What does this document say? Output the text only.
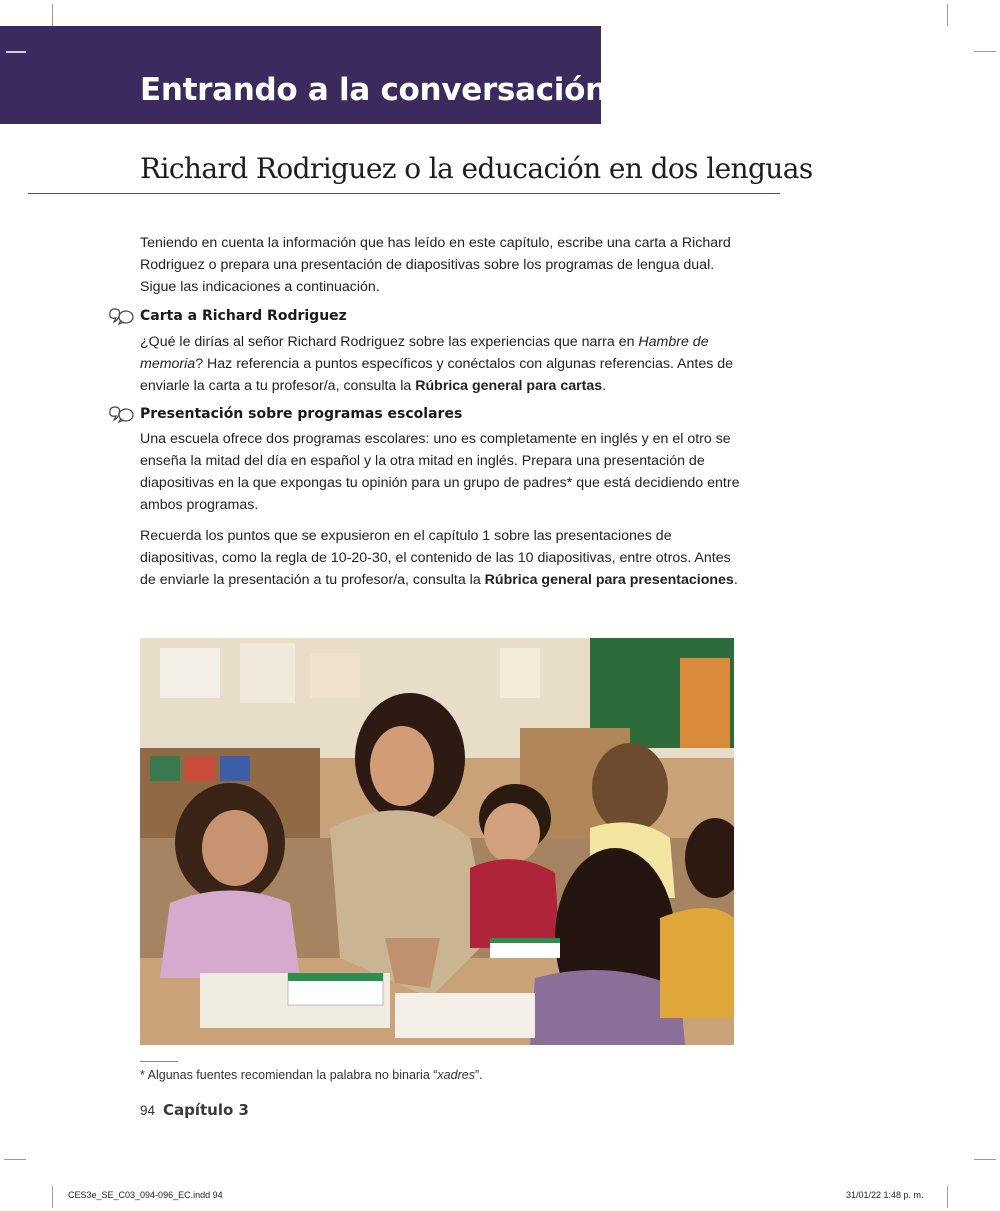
Entrando a la conversación 1
Richard Rodriguez o la educación en dos lenguas

Teniendo en cuenta la información que has leído en este capítulo, escribe una carta a Richard Rodriguez o prepara una presentación de diapositivas sobre los programas de lengua dual. Sigue las indicaciones a continuación.

Carta a Richard Rodriguez

¿Qué le dirías al señor Richard Rodriguez sobre las experiencias que narra en Hambre de memoria? Haz referencia a puntos específicos y conéctalos con algunas referencias. Antes de enviarle la carta a tu profesor/a, consulta la Rúbrica general para cartas.

Presentación sobre programas escolares

Una escuela ofrece dos programas escolares: uno es completamente en inglés y en el otro se enseña la mitad del día en español y la otra mitad en inglés. Prepara una presentación de diapositivas en la que expongas tu opinión para un grupo de padres* que está decidiendo entre ambos programas.

Recuerda los puntos que se expusieron en el capítulo 1 sobre las presentaciones de diapositivas, como la regla de 10-20-30, el contenido de las 10 diapositivas, entre otros. Antes de enviarle la presentación a tu profesor/a, consulta la Rúbrica general para presentaciones.

* Algunas fuentes recomiendan la palabra no binaria “xadres”.
94 Capítulo 3
CES3e_SE_C03_094-096_EC.indd 94	31/01/22 1:48 p. m.
